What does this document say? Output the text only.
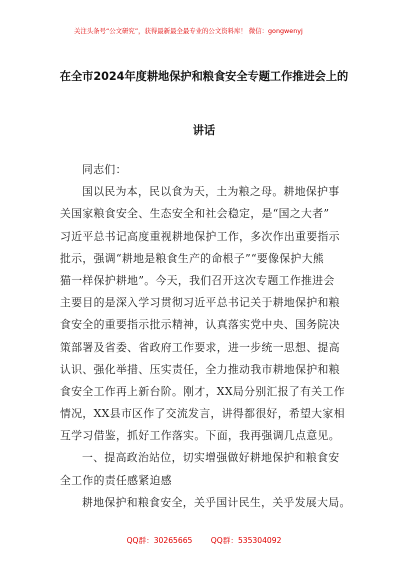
关注头条号“公文研究”，获得最新最全最专业的公文资料库！ 微信：gongwenyj
在全市2024年度耕地保护和粮食安全专题工作推进会上的
讲话
同志们：
国以民为本，民以食为天，土为粮之母。耕地保护事
关国家粮食安全、生态安全和社会稳定，是“国之大者”
习近平总书记高度重视耕地保护工作，多次作出重要指示
批示，强调“耕地是粮食生产的命根子”“要像保护大熊
猫一样保护耕地”。今天，我们召开这次专题工作推进会
主要目的是深入学习贯彻习近平总书记关于耕地保护和粮
食安全的重要指示批示精神，认真落实党中央、国务院决
策部署及省委、省政府工作要求，进一步统一思想、提高
认识、强化举措、压实责任，全力推动我市耕地保护和粮
食安全工作再上新台阶。刚才，XX局分别汇报了有关工作
情况，XX县市区作了交流发言，讲得都很好，希望大家相
互学习借鉴，抓好工作落实。下面，我再强调几点意见。
一、提高政治站位，切实增强做好耕地保护和粮食安
全工作的责任感紧迫感
耕地保护和粮食安全，关乎国计民生，关乎发展大局。
QQ群：30265665 QQ群：535304092
